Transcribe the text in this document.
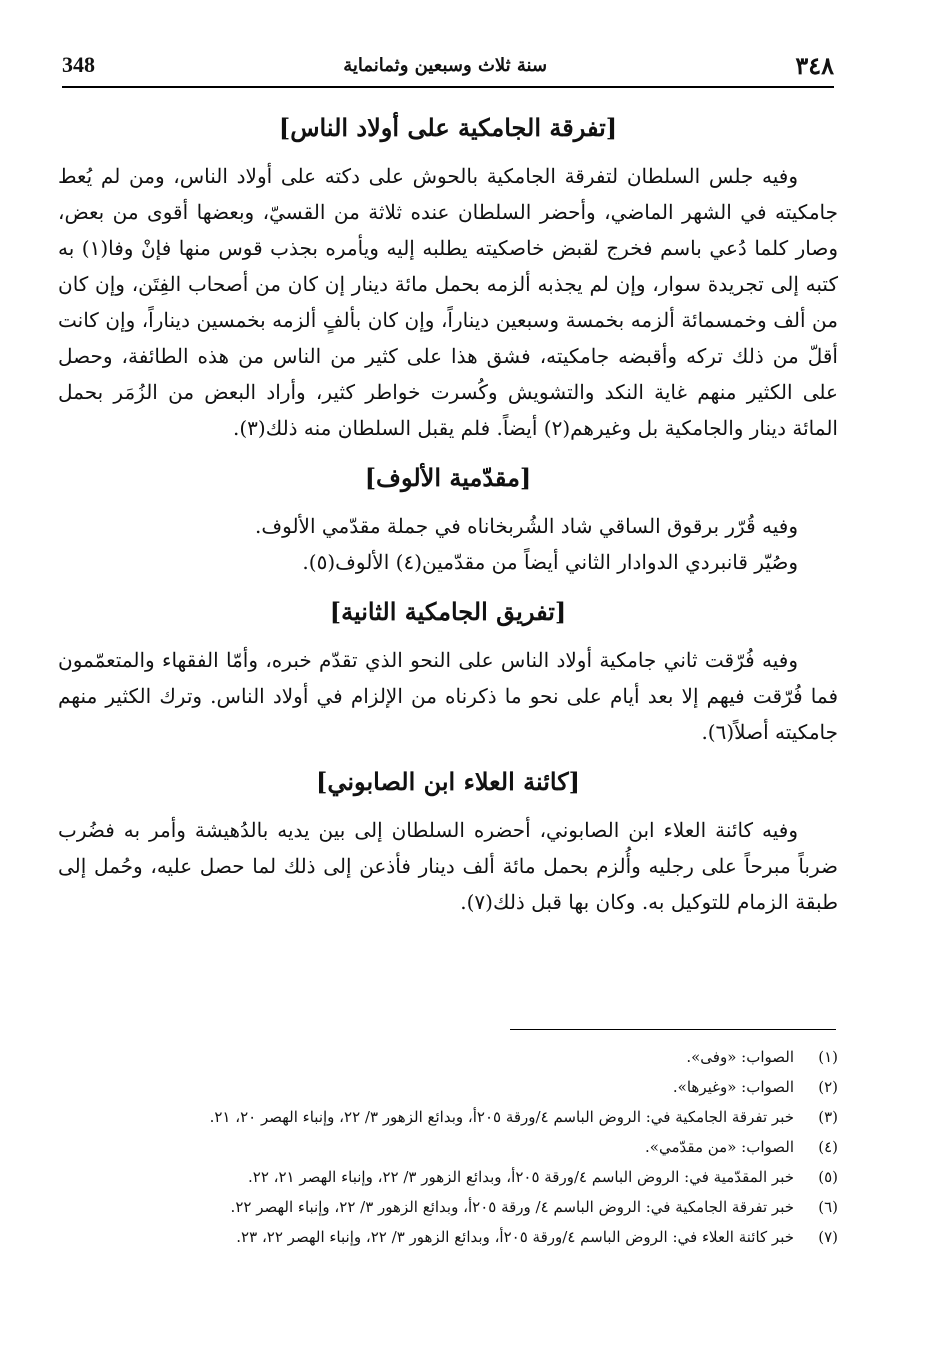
348	سنة ثلاث وسبعين وثمانماية	٣٤٨
[تفرقة الجامكية على أولاد الناس]

وفيه جلس السلطان لتفرقة الجامكية بالحوش على دكته على أولاد الناس، ومن لم يُعط جامكيته في الشهر الماضي، وأحضر السلطان عنده ثلاثة من القسيّ، وبعضها أقوى من بعض، وصار كلما دُعي باسم فخرج لقبض خاصكيته يطلبه إليه ويأمره بجذب قوس منها فإنْ وفا(١) به كتبه إلى تجريدة سوار، وإن لم يجذبه ألزمه بحمل مائة دينار إن كان من أصحاب الفِتَن، وإن كان من ألف وخمسمائة ألزمه بخمسة وسبعين ديناراً، وإن كان بألفٍ ألزمه بخمسين ديناراً، وإن كانت أقلّ من ذلك تركه وأقبضه جامكيته، فشق هذا على كثير من الناس من هذه الطائفة، وحصل على الكثير منهم غاية النكد والتشويش وكُسرت خواطر كثير، وأراد البعض من الزُمَر بحمل المائة دينار والجامكية بل وغيرهم(٢) أيضاً. فلم يقبل السلطان منه ذلك(٣).

[مقدّمية الألوف]

وفيه قُرّر برقوق الساقي شاد الشُربخاناه في جملة مقدّمي الألوف.

وصُيّر قانبردي الدوادار الثاني أيضاً من مقدّمين(٤) الألوف(٥).

[تفريق الجامكية الثانية]

وفيه فُرّقت ثاني جامكية أولاد الناس على النحو الذي تقدّم خبره، وأمّا الفقهاء والمتعمّمون فما فُرّقت فيهم إلا بعد أيام على نحو ما ذكرناه من الإلزام في أولاد الناس. وترك الكثير منهم جامكيته أصلاً(٦).

[كائنة العلاء ابن الصابوني]

وفيه كائنة العلاء ابن الصابوني، أحضره السلطان إلى بين يديه بالدُهيشة وأمر به فضُرب ضرباً مبرحاً على رجليه وأُلزم بحمل مائة ألف دينار فأذعن إلى ذلك لما حصل عليه، وحُمل إلى طبقة الزمام للتوكيل به. وكان بها قبل ذلك(٧).

(١)
الصواب: «وفى».
(٢)
الصواب: «وغيرها».
(٣)
خبر تفرقة الجامكية في: الروض الباسم ٤/ورقة ٢٠٥أ، وبدائع الزهور ٣/ ٢٢، وإنباء الهصر ٢٠، ٢١.
(٤)
الصواب: «من مقدّمي».
(٥)
خبر المقدّمية في: الروض الباسم ٤/ورقة ٢٠٥أ، وبدائع الزهور ٣/ ٢٢، وإنباء الهصر ٢١، ٢٢.
(٦)
خبر تفرقة الجامكية في: الروض الباسم ٤/ ورقة ٢٠٥أ، وبدائع الزهور ٣/ ٢٢، وإنباء الهصر ٢٢.
(٧)
خبر كائنة العلاء في: الروض الباسم ٤/ورقة ٢٠٥أ، وبدائع الزهور ٣/ ٢٢، وإنباء الهصر ٢٢، ٢٣.
